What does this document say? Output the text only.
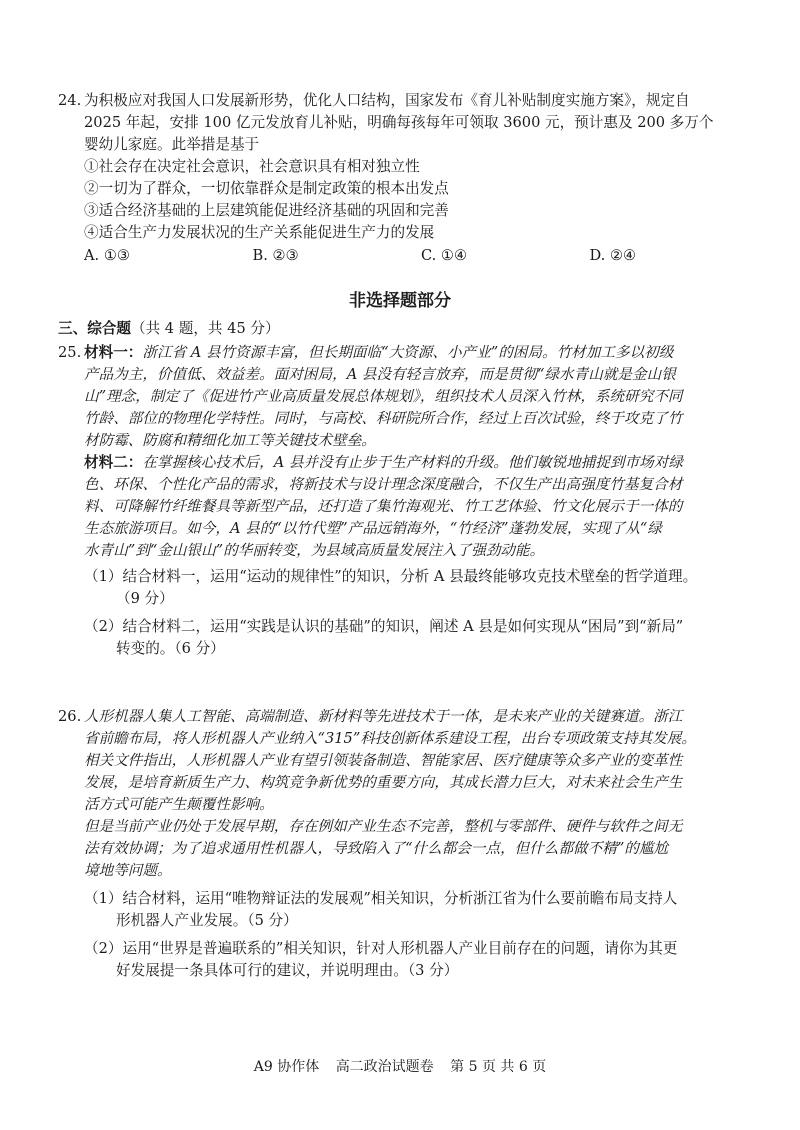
24. 为积极应对我国人口发展新形势，优化人口结构，国家发布《育儿补贴制度实施方案》，规定自
2025 年起，安排 100 亿元发放育儿补贴，明确每孩每年可领取 3600 元，预计惠及 200 多万个
婴幼儿家庭。此举措是基于
①社会存在决定社会意识，社会意识具有相对独立性
②一切为了群众，一切依靠群众是制定政策的根本出发点
③适合经济基础的上层建筑能促进经济基础的巩固和完善
④适合生产力发展状况的生产关系能促进生产力的发展
A. ①③	B. ②③	C. ①④	D. ②④
非选择题部分
三、综合题（共 4 题，共 45 分）
25. 材料一：浙江省 A 县竹资源丰富，但长期面临“大资源、小产业”的困局。竹材加工多以初级
产品为主，价值低、效益差。面对困局，A 县没有轻言放弃，而是贯彻“绿水青山就是金山银
山”理念，制定了《促进竹产业高质量发展总体规划》，组织技术人员深入竹林，系统研究不同
竹龄、部位的物理化学特性。同时，与高校、科研院所合作，经过上百次试验，终于攻克了竹
材防霉、防腐和精细化加工等关键技术壁垒。
材料二：在掌握核心技术后，A 县并没有止步于生产材料的升级。他们敏锐地捕捉到市场对绿
色、环保、个性化产品的需求，将新技术与设计理念深度融合，不仅生产出高强度竹基复合材
料、可降解竹纤维餐具等新型产品，还打造了集竹海观光、竹工艺体验、竹文化展示于一体的
生态旅游项目。如今，A 县的“以竹代塑”产品远销海外，“竹经济”蓬勃发展，实现了从“绿
水青山”到“金山银山”的华丽转变，为县域高质量发展注入了强劲动能。
（1）结合材料一，运用“运动的规律性”的知识，分析 A 县最终能够攻克技术壁垒的哲学道理。
（9 分）
（2）结合材料二，运用“实践是认识的基础”的知识，阐述 A 县是如何实现从“困局”到“新局”
转变的。（6 分）
26. 人形机器人集人工智能、高端制造、新材料等先进技术于一体，是未来产业的关键赛道。浙江
省前瞻布局，将人形机器人产业纳入“315”科技创新体系建设工程，出台专项政策支持其发展。
相关文件指出，人形机器人产业有望引领装备制造、智能家居、医疗健康等众多产业的变革性
发展，是培育新质生产力、构筑竞争新优势的重要方向，其成长潜力巨大，对未来社会生产生
活方式可能产生颠覆性影响。
但是当前产业仍处于发展早期，存在例如产业生态不完善，整机与零部件、硬件与软件之间无
法有效协调；为了追求通用性机器人，导致陷入了“什么都会一点，但什么都做不精”的尴尬
境地等问题。
（1）结合材料，运用“唯物辩证法的发展观”相关知识，分析浙江省为什么要前瞻布局支持人
形机器人产业发展。（5 分）
（2）运用“世界是普遍联系的”相关知识，针对人形机器人产业目前存在的问题，请你为其更
好发展提一条具体可行的建议，并说明理由。（3 分）
A9 协作体 高二政治试题卷 第 5 页 共 6 页
